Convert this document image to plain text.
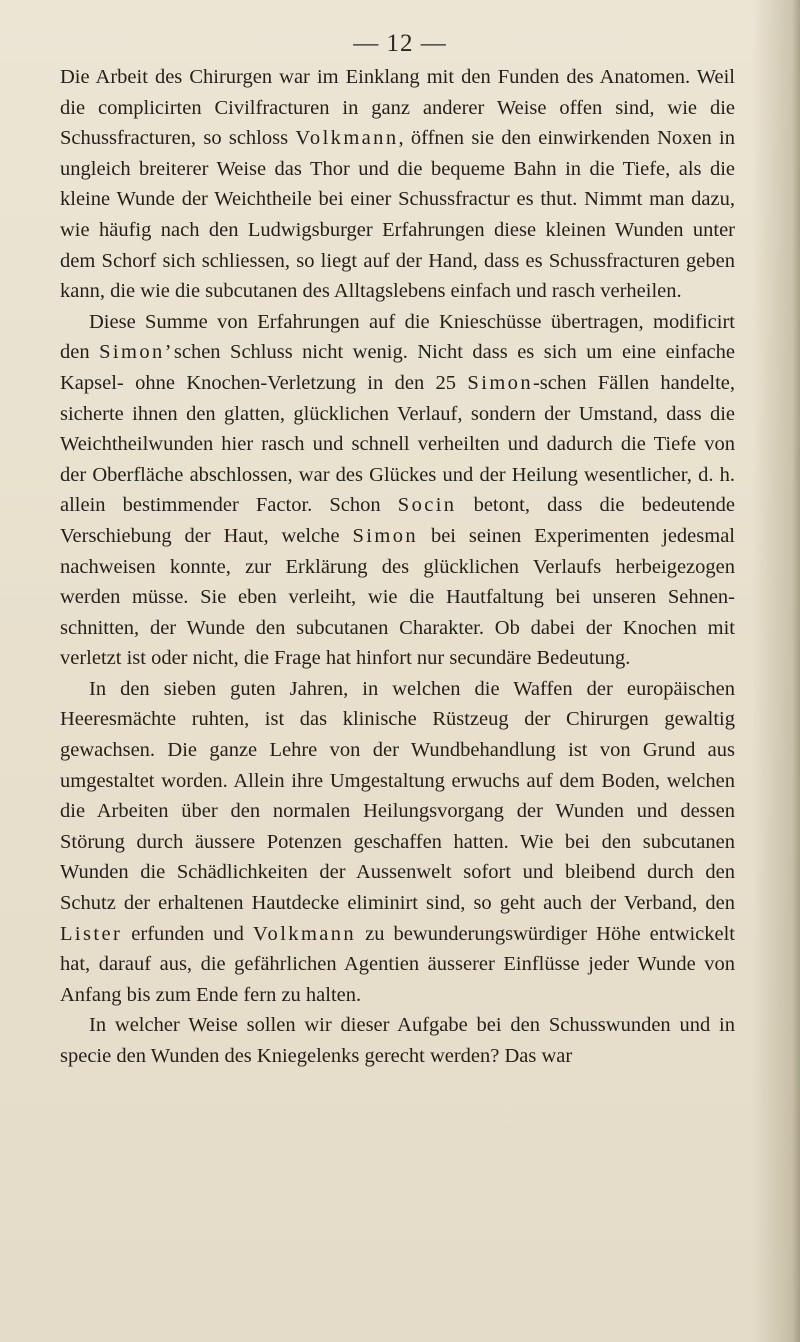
— 12 —

Die Arbeit des Chirurgen war im Einklang mit den Funden des Anatomen. Weil die complicirten Civilfracturen in ganz anderer Weise offen sind, wie die Schussfracturen, so schloss Volkmann, öffnen sie den einwirkenden Noxen in ungleich breiterer Weise das Thor und die bequeme Bahn in die Tiefe, als die kleine Wunde der Weichtheile bei einer Schussfractur es thut. Nimmt man dazu, wie häufig nach den Ludwigsburger Erfahrungen diese kleinen Wunden unter dem Schorf sich schliessen, so liegt auf der Hand, dass es Schussfracturen geben kann, die wie die subcutanen des Alltagslebens einfach und rasch verheilen.

Diese Summe von Erfahrungen auf die Knieschüsse übertragen, modificirt den Simon’schen Schluss nicht wenig. Nicht dass es sich um eine einfache Kapsel- ohne Knochen-Verletzung in den 25 Simon-schen Fällen handelte, sicherte ihnen den glatten, glücklichen Verlauf, sondern der Umstand, dass die Weichtheilwunden hier rasch und schnell verheilten und dadurch die Tiefe von der Oberfläche abschlossen, war des Glückes und der Heilung wesentlicher, d. h. allein bestimmender Factor. Schon Socin betont, dass die bedeutende Verschiebung der Haut, welche Simon bei seinen Experimenten jedesmal nachweisen konnte, zur Erklärung des glücklichen Verlaufs herbeigezogen werden müsse. Sie eben verleiht, wie die Hautfaltung bei unseren Sehnenschnitten, der Wunde den subcutanen Charakter. Ob dabei der Knochen mit verletzt ist oder nicht, die Frage hat hinfort nur secundäre Bedeutung.

In den sieben guten Jahren, in welchen die Waffen der europäischen Heeresmächte ruhten, ist das klinische Rüstzeug der Chirurgen gewaltig gewachsen. Die ganze Lehre von der Wundbehandlung ist von Grund aus umgestaltet worden. Allein ihre Umgestaltung erwuchs auf dem Boden, welchen die Arbeiten über den normalen Heilungsvorgang der Wunden und dessen Störung durch äussere Potenzen geschaffen hatten. Wie bei den subcutanen Wunden die Schädlichkeiten der Aussenwelt sofort und bleibend durch den Schutz der erhaltenen Hautdecke eliminirt sind, so geht auch der Verband, den Lister erfunden und Volkmann zu bewunderungswürdiger Höhe entwickelt hat, darauf aus, die gefährlichen Agentien äusserer Einflüsse jeder Wunde von Anfang bis zum Ende fern zu halten.

In welcher Weise sollen wir dieser Aufgabe bei den Schusswunden und in specie den Wunden des Kniegelenks gerecht werden? Das war
